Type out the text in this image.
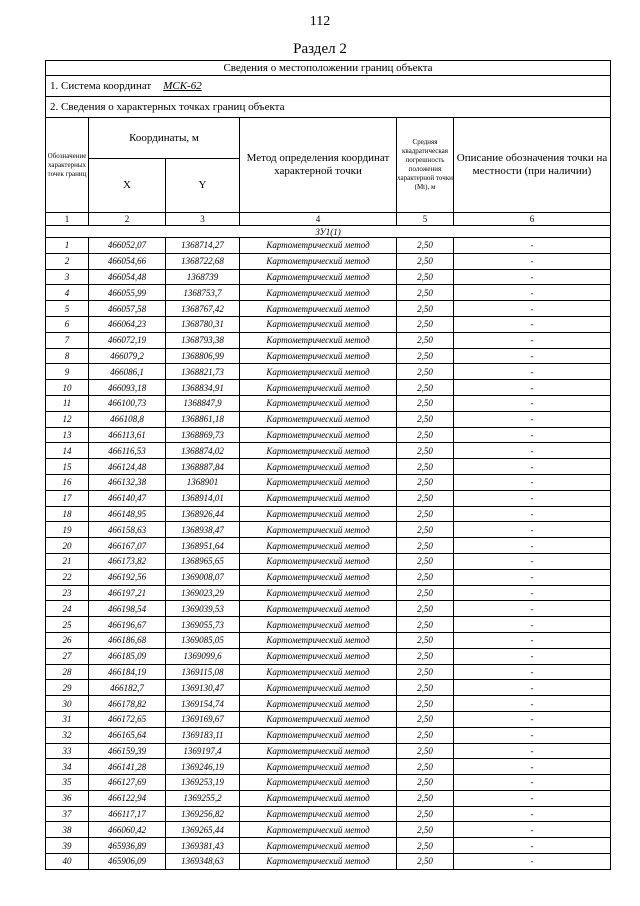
112
Раздел 2
Сведения о местоположении границ объекта					
1. Система координат МСК-62					
2. Сведения о характерных точках границ объекта					
Обозначение характерных точек границ	Координаты, м		Метод определения координат характерной точки	Средняя квадратическая погрешность положения характерной точки (Mt), м	Описание обозначения точки на местности (при наличии)
	X	Y			
1	2	3	4	5	6
ЗУ1(1)					
1	466052,07	1368714,27	Картометрический метод	2,50	-
2	466054,66	1368722,68	Картометрический метод	2,50	-
3	466054,48	1368739	Картометрический метод	2,50	-
4	466055,99	1368753,7	Картометрический метод	2,50	-
5	466057,58	1368767,42	Картометрический метод	2,50	-
6	466064,23	1368780,31	Картометрический метод	2,50	-
7	466072,19	1368793,38	Картометрический метод	2,50	-
8	466079,2	1368806,99	Картометрический метод	2,50	-
9	466086,1	1368821,73	Картометрический метод	2,50	-
10	466093,18	1368834,91	Картометрический метод	2,50	-
11	466100,73	1368847,9	Картометрический метод	2,50	-
12	466108,8	1368861,18	Картометрический метод	2,50	-
13	466113,61	1368869,73	Картометрический метод	2,50	-
14	466116,53	1368874,02	Картометрический метод	2,50	-
15	466124,48	1368887,84	Картометрический метод	2,50	-
16	466132,38	1368901	Картометрический метод	2,50	-
17	466140,47	1368914,01	Картометрический метод	2,50	-
18	466148,95	1368926,44	Картометрический метод	2,50	-
19	466158,63	1368938,47	Картометрический метод	2,50	-
20	466167,07	1368951,64	Картометрический метод	2,50	-
21	466173,82	1368965,65	Картометрический метод	2,50	-
22	466192,56	1369008,07	Картометрический метод	2,50	-
23	466197,21	1369023,29	Картометрический метод	2,50	-
24	466198,54	1369039,53	Картометрический метод	2,50	-
25	466196,67	1369055,73	Картометрический метод	2,50	-
26	466186,68	1369085,05	Картометрический метод	2,50	-
27	466185,09	1369099,6	Картометрический метод	2,50	-
28	466184,19	1369115,08	Картометрический метод	2,50	-
29	466182,7	1369130,47	Картометрический метод	2,50	-
30	466178,82	1369154,74	Картометрический метод	2,50	-
31	466172,65	1369169,67	Картометрический метод	2,50	-
32	466165,64	1369183,11	Картометрический метод	2,50	-
33	466159,39	1369197,4	Картометрический метод	2,50	-
34	466141,28	1369246,19	Картометрический метод	2,50	-
35	466127,69	1369253,19	Картометрический метод	2,50	-
36	466122,94	1369255,2	Картометрический метод	2,50	-
37	466117,17	1369256,82	Картометрический метод	2,50	-
38	466060,42	1369265,44	Картометрический метод	2,50	-
39	465936,89	1369381,43	Картометрический метод	2,50	-
40	465906,09	1369348,63	Картометрический метод	2,50	-
